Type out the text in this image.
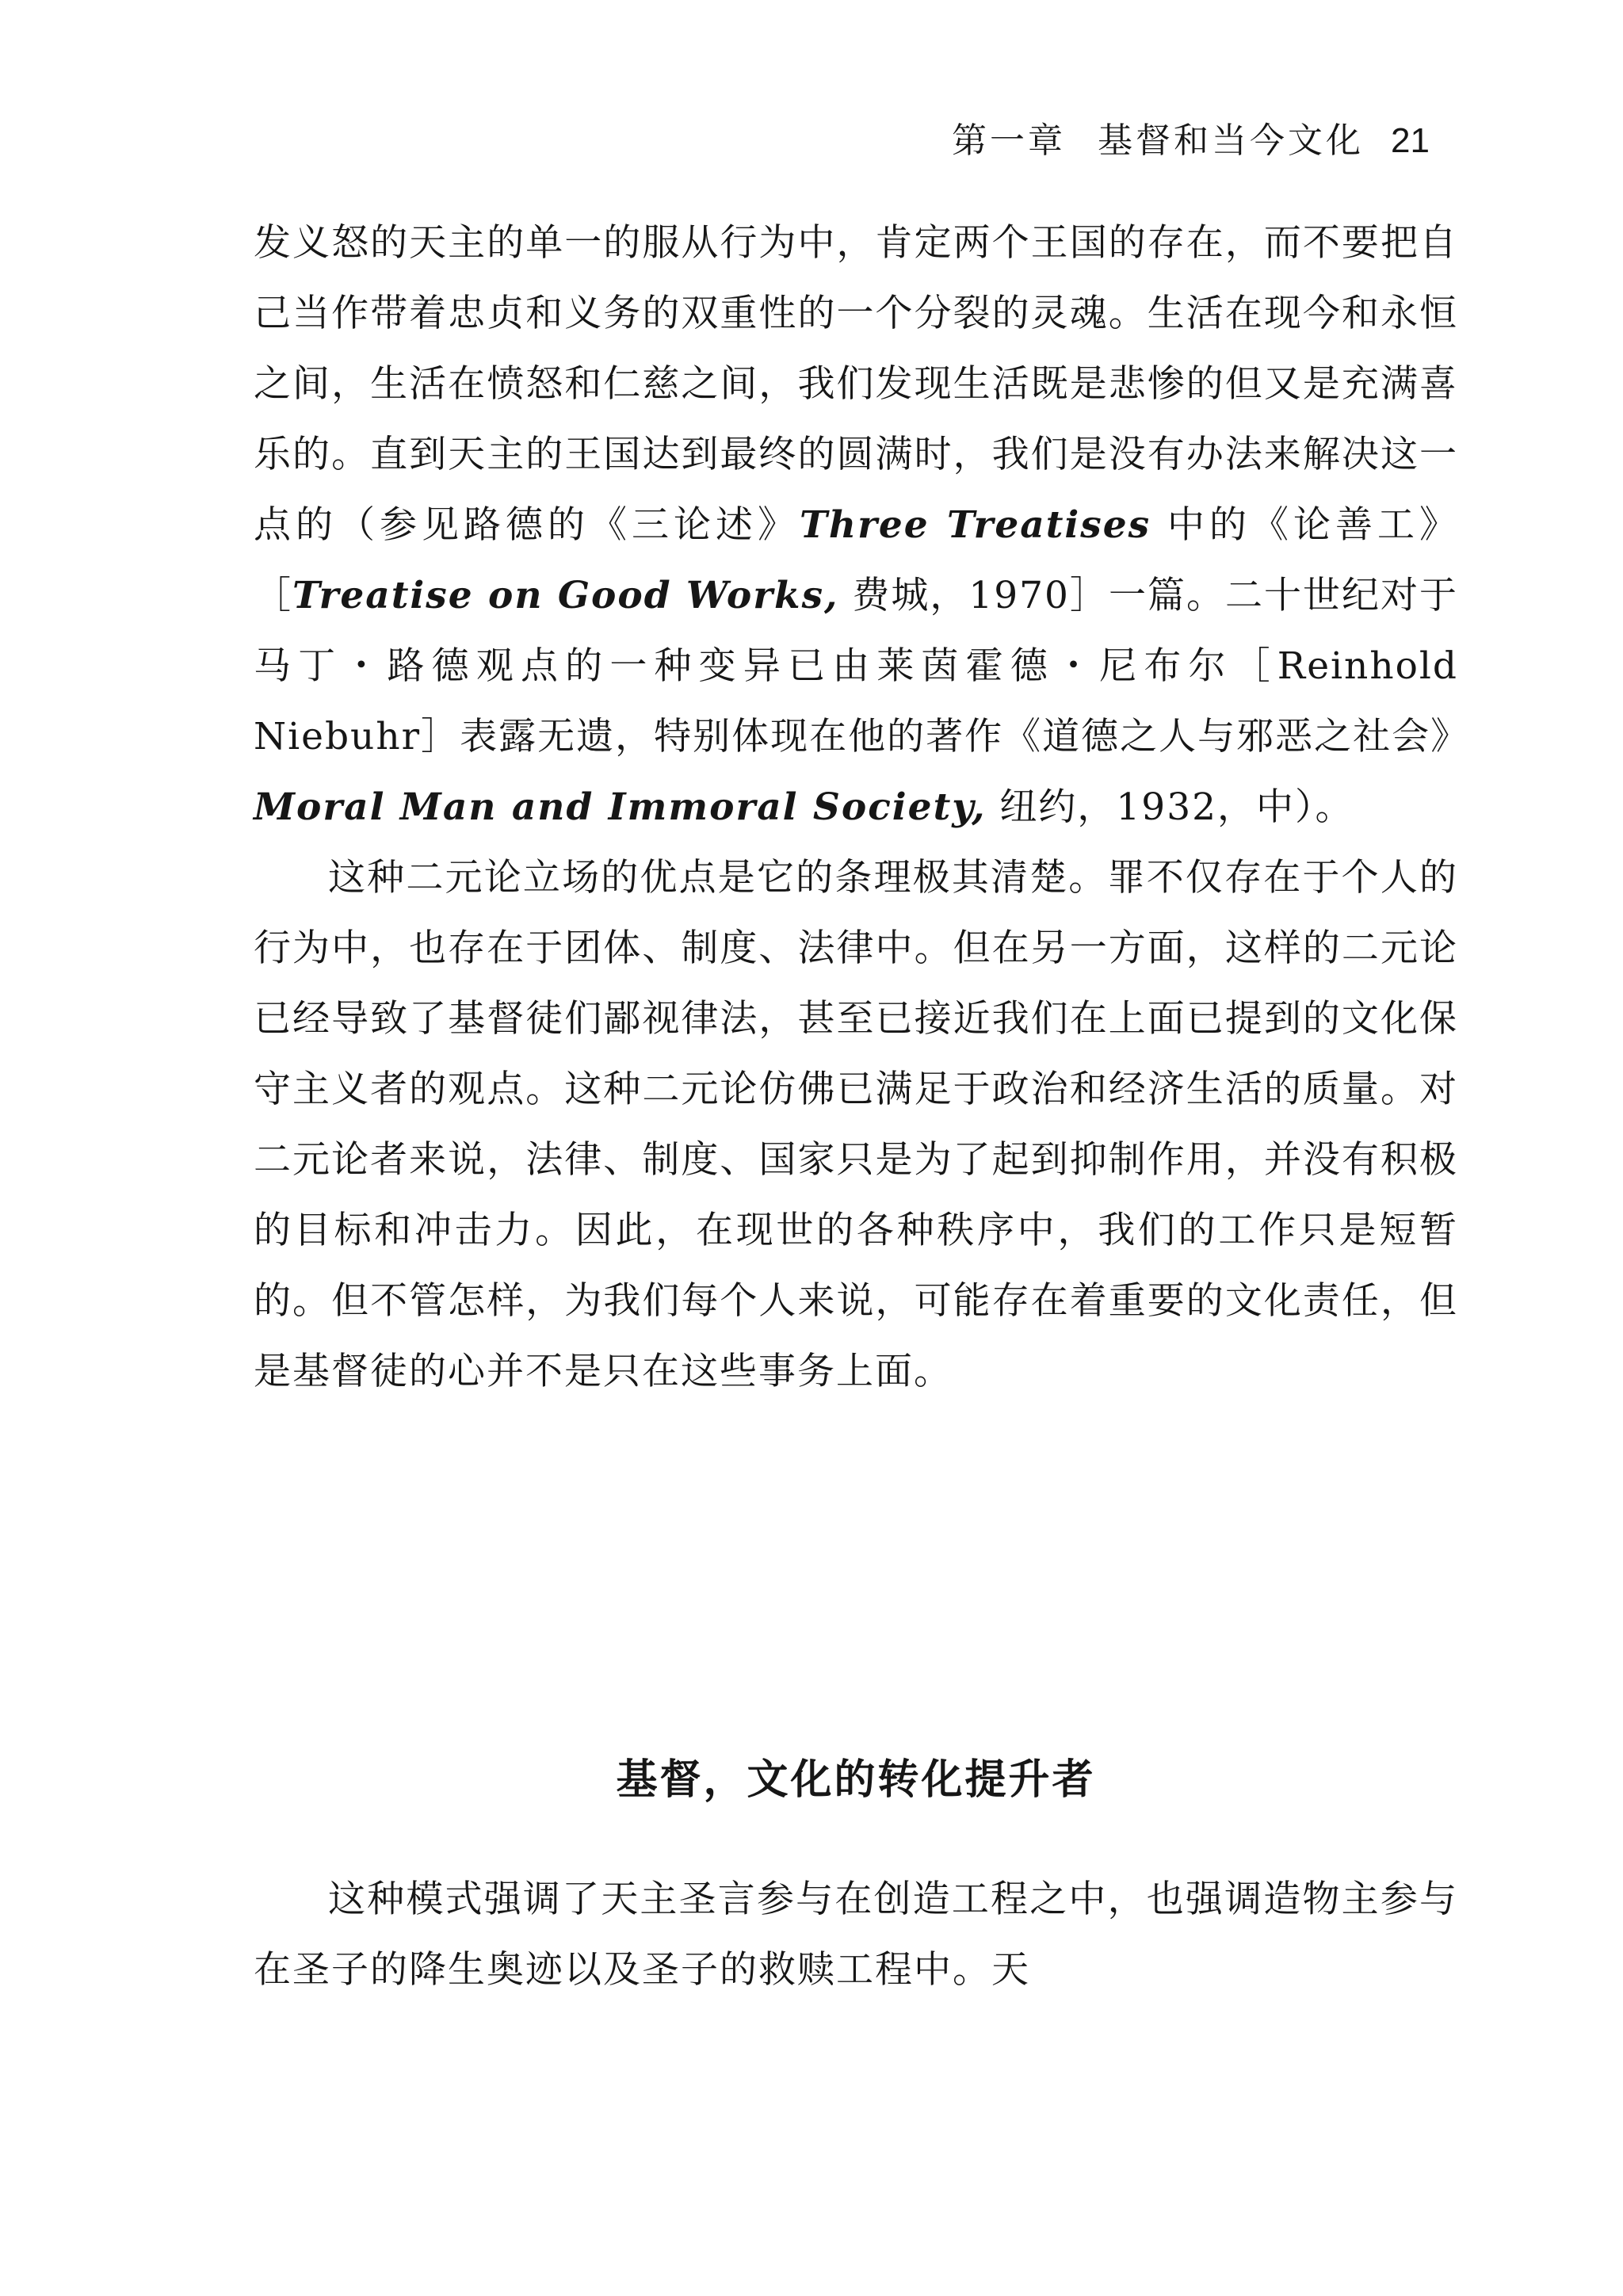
第一章 基督和当今文化 21

发义怒的天主的单一的服从行为中，肯定两个王国的存在，而不要把自己当作带着忠贞和义务的双重性的一个分裂的灵魂。生活在现今和永恒之间，生活在愤怒和仁慈之间，我们发现生活既是悲惨的但又是充满喜乐的。直到天主的王国达到最终的圆满时，我们是没有办法来解决这一点的（参见路德的《三论述》Three Treatises 中的《论善工》［Treatise on Good Works, 费城，1970］一篇。二十世纪对于马丁・路德观点的一种变异已由莱茵霍德・尼布尔［Reinhold Niebuhr］表露无遗，特别体现在他的著作《道德之人与邪恶之社会》Moral Man and Immoral Society, 纽约，1932，中）。

这种二元论立场的优点是它的条理极其清楚。罪不仅存在于个人的行为中，也存在于团体、制度、法律中。但在另一方面，这样的二元论已经导致了基督徒们鄙视律法，甚至已接近我们在上面已提到的文化保守主义者的观点。这种二元论仿佛已满足于政治和经济生活的质量。对二元论者来说，法律、制度、国家只是为了起到抑制作用，并没有积极的目标和冲击力。因此，在现世的各种秩序中，我们的工作只是短暂的。但不管怎样，为我们每个人来说，可能存在着重要的文化责任，但是基督徒的心并不是只在这些事务上面。

基督，文化的转化提升者

这种模式强调了天主圣言参与在创造工程之中，也强调造物主参与在圣子的降生奥迹以及圣子的救赎工程中。天
